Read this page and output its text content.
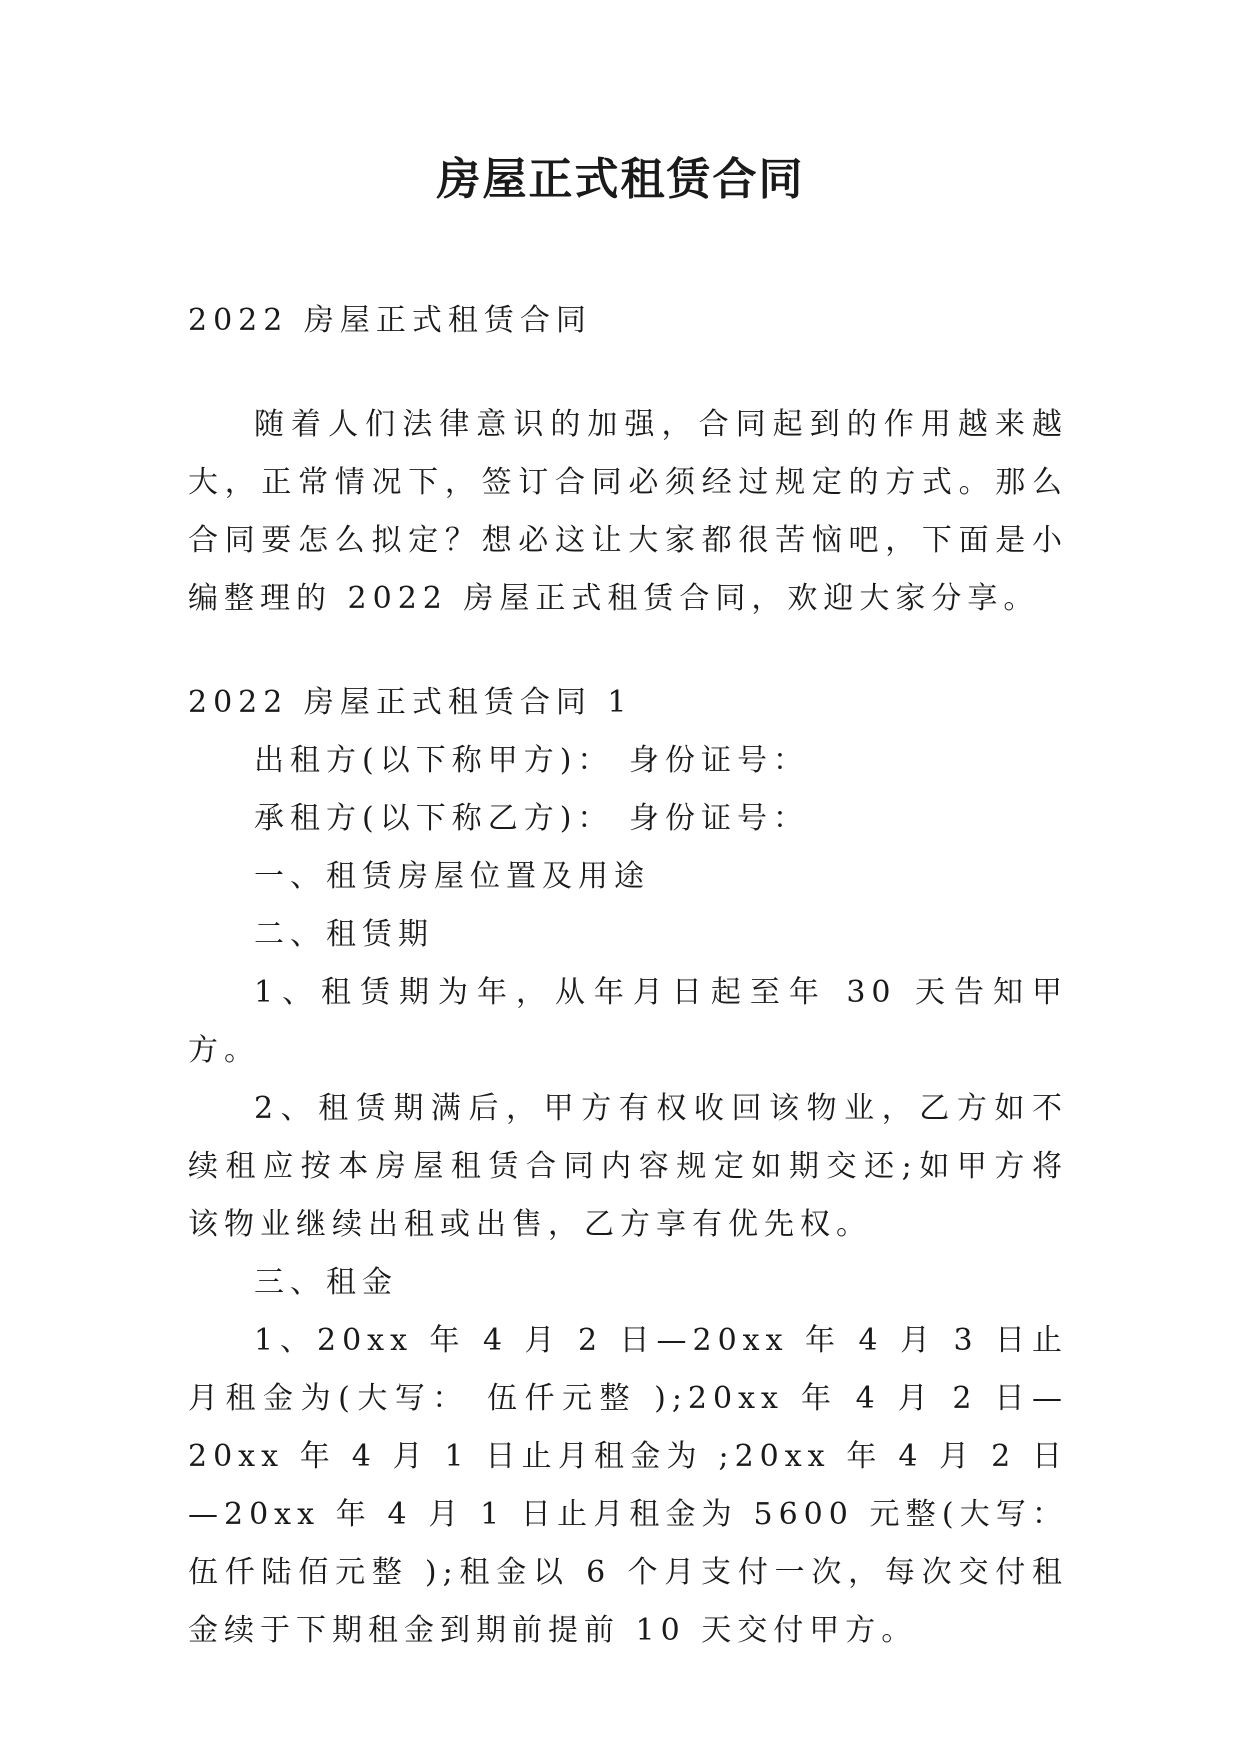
房屋正式租赁合同

2022 房屋正式租赁合同

随着人们法律意识的加强，合同起到的作用越来越大，正常情况下，签订合同必须经过规定的方式。那么合同要怎么拟定？想必这让大家都很苦恼吧，下面是小编整理的 2022 房屋正式租赁合同，欢迎大家分享。

2022 房屋正式租赁合同 1

出租方(以下称甲方)： 身份证号：

承租方(以下称乙方)： 身份证号：

一、租赁房屋位置及用途

二、租赁期

1、租赁期为年，从年月日起至年 30 天告知甲方。

2、租赁期满后，甲方有权收回该物业，乙方如不续租应按本房屋租赁合同内容规定如期交还;如甲方将该物业继续出租或出售，乙方享有优先权。

三、租金

1、20xx 年 4 月 2 日—20xx 年 4 月 3 日止月租金为(大写： 伍仟元整 );20xx 年 4 月 2 日—20xx 年 4 月 1 日止月租金为 ;20xx 年 4 月 2 日—20xx 年 4 月 1 日止月租金为 5600 元整(大写： 伍仟陆佰元整 );租金以 6 个月支付一次，每次交付租金续于下期租金到期前提前 10 天交付甲方。
